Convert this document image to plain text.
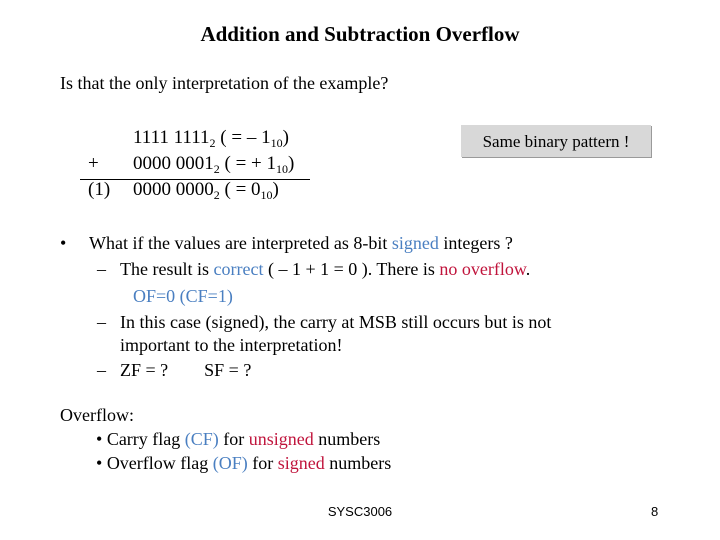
Addition and Subtraction Overflow
Is that the only interpretation of the example?
1111 $1111_2$ ( = – $1_{10}$)
+ 0000 $0001_2$ ( = + $1_{10}$)
(1) 0000 $0000_2$ ( = $0_{10}$)
Same binary pattern !
• What if the values are interpreted as 8-bit signed integers ?
– The result is correct ( – 1 + 1 = 0 ). There is no overflow.
OF=0 (CF=1)
– In this case (signed), the carry at MSB still occurs but is not
important to the interpretation!
– ZF = ?        SF = ?
Overflow:
• Carry flag (CF) for unsigned numbers
• Overflow flag (OF) for signed numbers
SYSC3006	8
